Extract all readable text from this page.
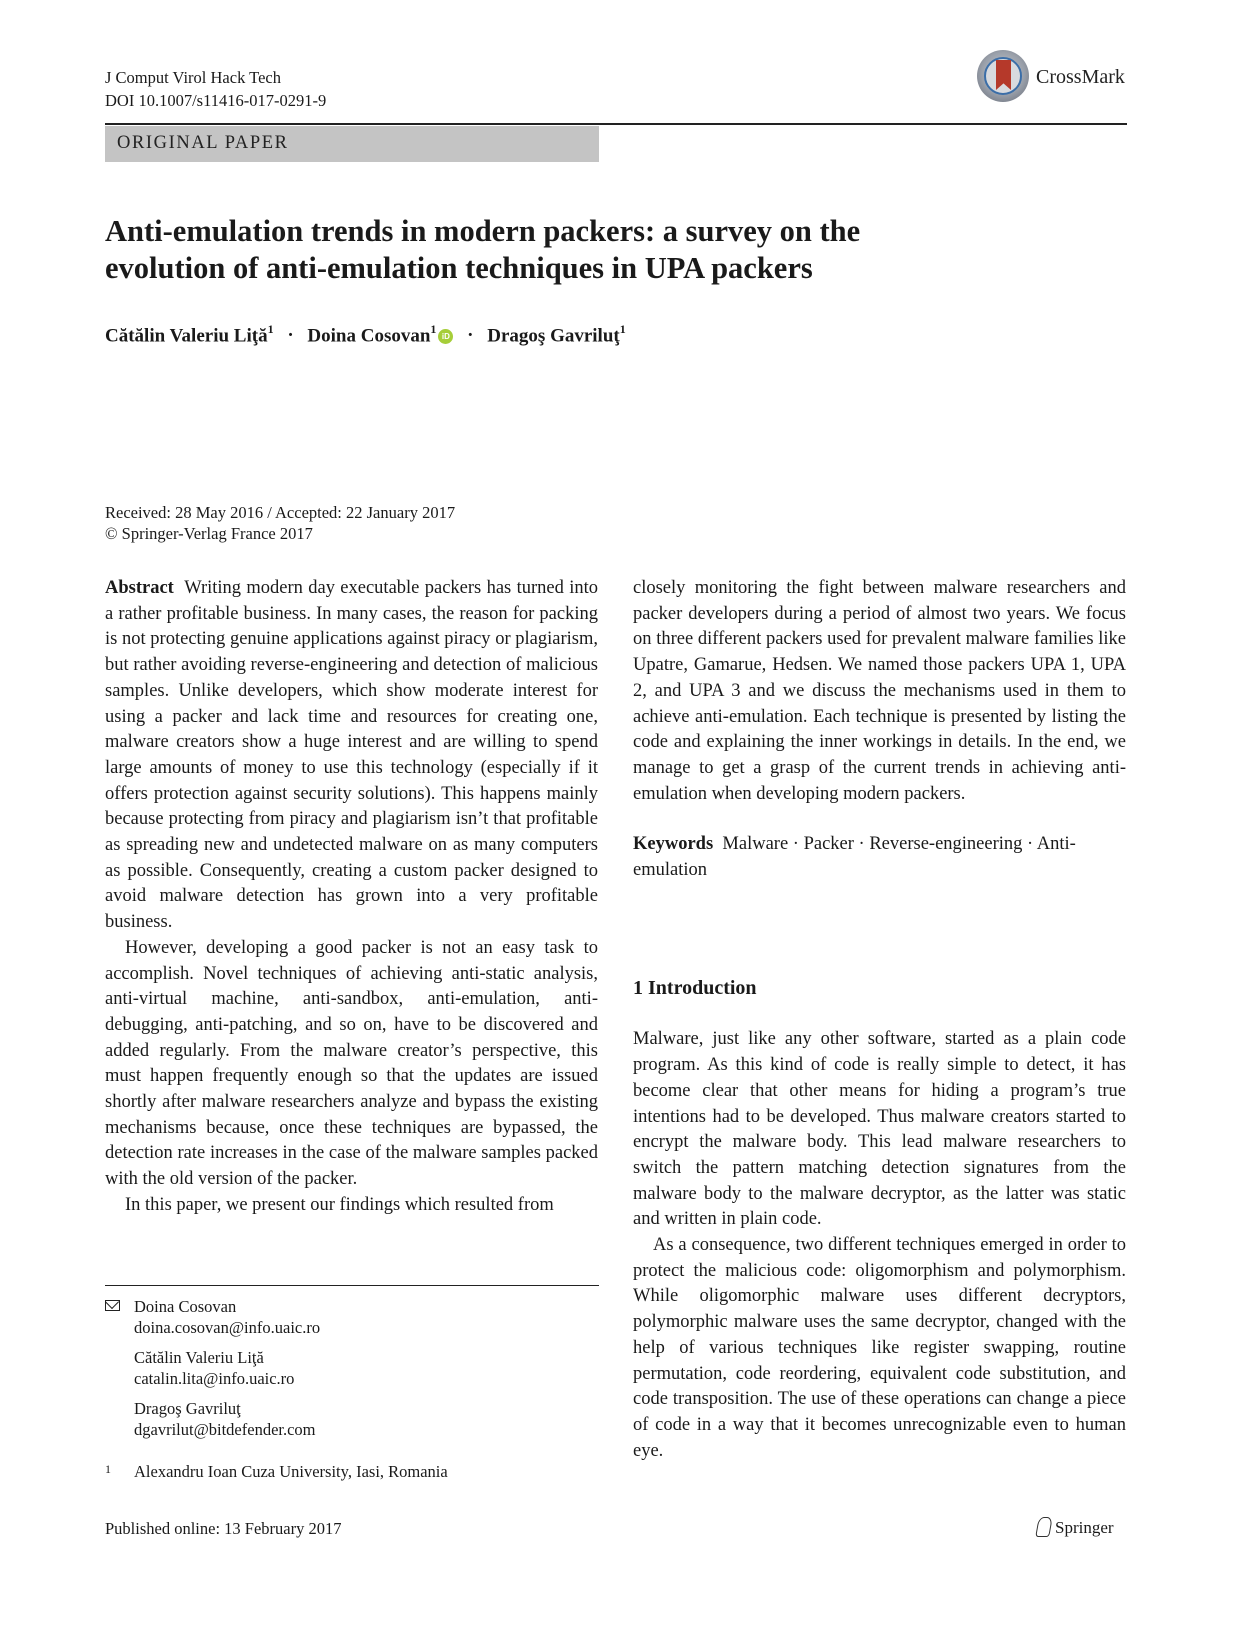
J Comput Virol Hack Tech
DOI 10.1007/s11416-017-0291-9
CrossMark
ORIGINAL PAPER
Anti-emulation trends in modern packers: a survey on the
evolution of anti-emulation techniques in UPA packers
Cătălin Valeriu Liţă$^1$ · Doina Cosovan$^1$iD · Dragoş Gavriluţ$^1$
Received: 28 May 2016 / Accepted: 22 January 2017
© Springer-Verlag France 2017

Abstract Writing modern day executable packers has turned into a rather profitable business. In many cases, the reason for packing is not protecting genuine applications against piracy or plagiarism, but rather avoiding reverse-engineering and detection of malicious samples. Unlike developers, which show moderate interest for using a packer and lack time and resources for creating one, malware creators show a huge interest and are willing to spend large amounts of money to use this technology (especially if it offers protection against security solutions). This happens mainly because protecting from piracy and plagiarism isn’t that profitable as spreading new and undetected malware on as many computers as possible. Consequently, creating a custom packer designed to avoid malware detection has grown into a very profitable business.

However, developing a good packer is not an easy task to accomplish. Novel techniques of achieving anti-static analysis, anti-virtual machine, anti-sandbox, anti-emulation, anti-debugging, anti-patching, and so on, have to be discovered and added regularly. From the malware creator’s perspective, this must happen frequently enough so that the updates are issued shortly after malware researchers analyze and bypass the existing mechanisms because, once these techniques are bypassed, the detection rate increases in the case of the malware samples packed with the old version of the packer.

In this paper, we present our findings which resulted from

closely monitoring the fight between malware researchers and packer developers during a period of almost two years. We focus on three different packers used for prevalent malware families like Upatre, Gamarue, Hedsen. We named those packers UPA 1, UPA 2, and UPA 3 and we discuss the mechanisms used in them to achieve anti-emulation. Each technique is presented by listing the code and explaining the inner workings in details. In the end, we manage to get a grasp of the current trends in achieving anti-emulation when developing modern packers.

Keywords Malware · Packer · Reverse-engineering · Anti-emulation

1 Introduction

Malware, just like any other software, started as a plain code program. As this kind of code is really simple to detect, it has become clear that other means for hiding a program’s true intentions had to be developed. Thus malware creators started to encrypt the malware body. This lead malware researchers to switch the pattern matching detection signatures from the malware body to the malware decryptor, as the latter was static and written in plain code.

As a consequence, two different techniques emerged in order to protect the malicious code: oligomorphism and polymorphism. While oligomorphic malware uses different decryptors, polymorphic malware uses the same decryptor, changed with the help of various techniques like register swapping, routine permutation, code reordering, equivalent code substitution, and code transposition. The use of these operations can change a piece of code in a way that it becomes unrecognizable even to human eye.

Doina Cosovan
doina.cosovan@info.uaic.ro
Cătălin Valeriu Liţă
catalin.lita@info.uaic.ro
Dragoş Gavriluţ
dgavrilut@bitdefender.com
1 Alexandru Ioan Cuza University, Iasi, Romania
Published online: 13 February 2017	Springer
